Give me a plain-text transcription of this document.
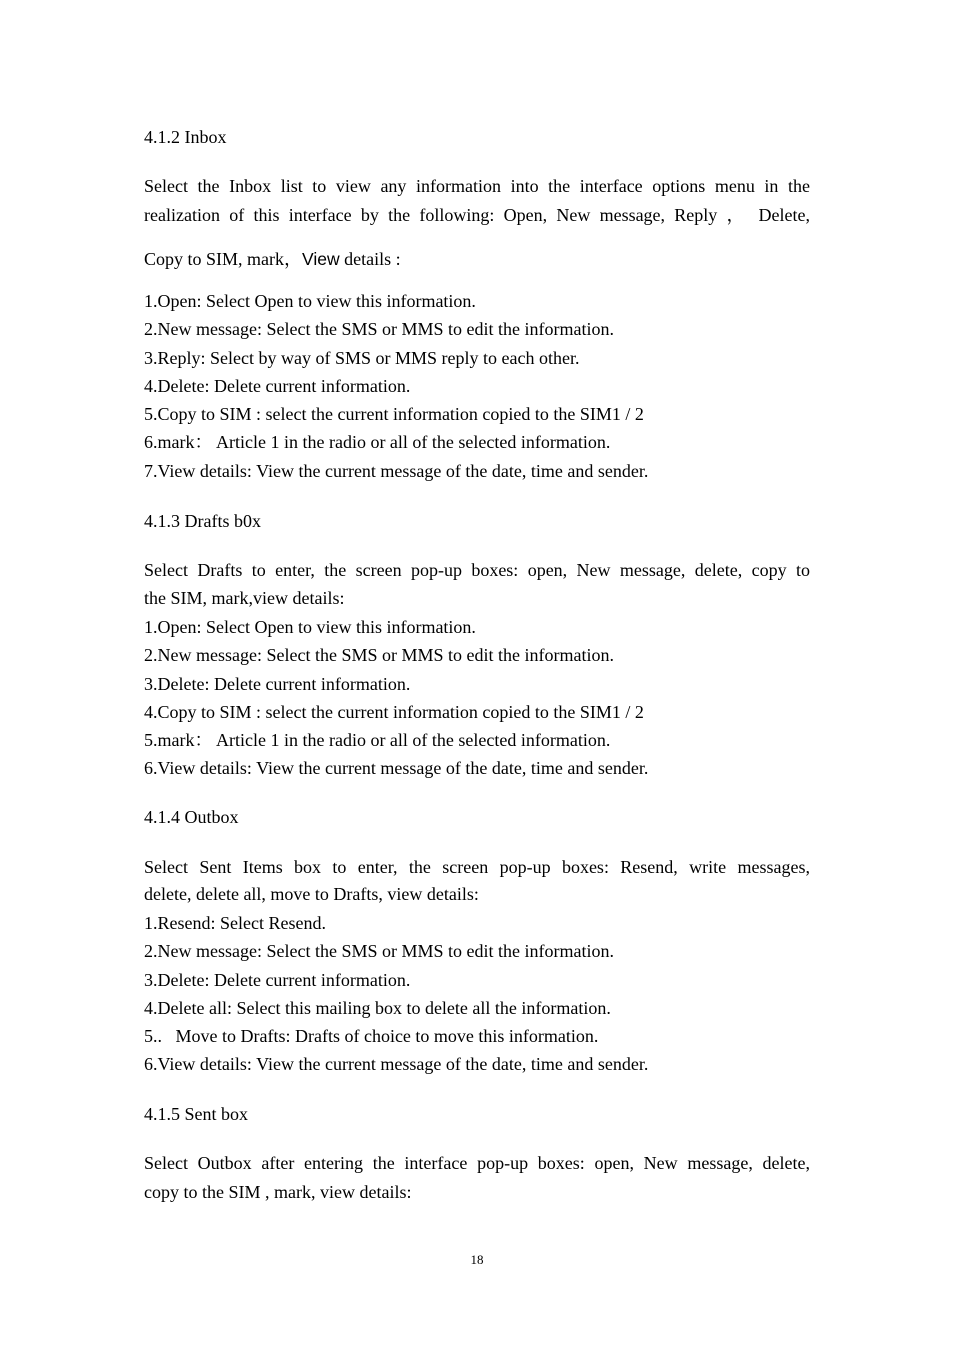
4.1.2 Inbox
Select the Inbox list to view any information into the interface options menu in the
realization of this interface by the following: Open, New message, Reply ， Delete,
Copy to SIM, mark，View details :
1.Open: Select Open to view this information.
2.New message: Select the SMS or MMS to edit the information.
3.Reply: Select by way of SMS or MMS reply to each other.
4.Delete: Delete current information.
5.Copy to SIM : select the current information copied to the SIM1 / 2
6.mark： Article 1 in the radio or all of the selected information.
7.View details: View the current message of the date, time and sender.
4.1.3 Drafts b0x
Select Drafts to enter, the screen pop-up boxes: open, New message, delete, copy to
the SIM, mark,view details:
1.Open: Select Open to view this information.
2.New message: Select the SMS or MMS to edit the information.
3.Delete: Delete current information.
4.Copy to SIM : select the current information copied to the SIM1 / 2
5.mark： Article 1 in the radio or all of the selected information.
6.View details: View the current message of the date, time and sender.
4.1.4 Outbox
Select Sent Items box to enter, the screen pop-up boxes: Resend, write messages,
delete, delete all, move to Drafts, view details:
1.Resend: Select Resend.
2.New message: Select the SMS or MMS to edit the information.
3.Delete: Delete current information.
4.Delete all: Select this mailing box to delete all the information.
5..   Move to Drafts: Drafts of choice to move this information.
6.View details: View the current message of the date, time and sender.
4.1.5 Sent box
Select Outbox after entering the interface pop-up boxes: open, New message, delete,
copy to the SIM , mark, view details:
18
